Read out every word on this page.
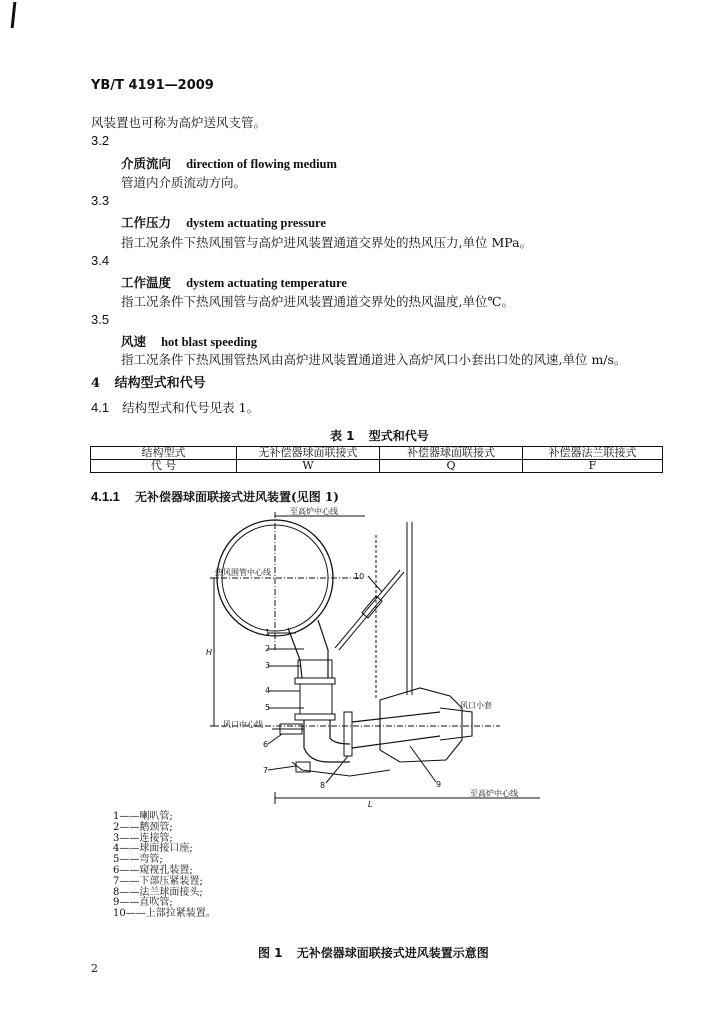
YB/T 4191—2009
风装置也可称为高炉送风支管。
3.2
介质流向 direction of flowing medium
管道内介质流动方向。
3.3
工作压力 dystem actuating pressure
指工况条件下热风围管与高炉进风装置通道交界处的热风压力,单位 MPa。
3.4
工作温度 dystem actuating temperature
指工况条件下热风围管与高炉进风装置通道交界处的热风温度,单位℃。
3.5
风速 hot blast speeding
指工况条件下热风围管热风由高炉进风装置通道进入高炉风口小套出口处的风速,单位 m/s。
4 结构型式和代号
4.1 结构型式和代号见表 1。
表 1 型式和代号
结构型式	无补偿器球面联接式	补偿器球面联接式	补偿器法兰联接式
代 号	W	Q	F
4.1.1 无补偿器球面联接式进风装置(见图 1)
至高炉中心线
热风围管中心线
风口中心线
风口小套
至高炉中心线
H
L
1
2
3
4
5
6
7
8	9
10
1——喇叭管;
2——鹅颈管;
3——连接管;
4——球面接口座;
5——弯管;
6——窥视孔装置;
7——下部压紧装置;
8——法兰球面接头;
9——直吹管;
10——上部拉紧装置。
图 1 无补偿器球面联接式进风装置示意图
2
